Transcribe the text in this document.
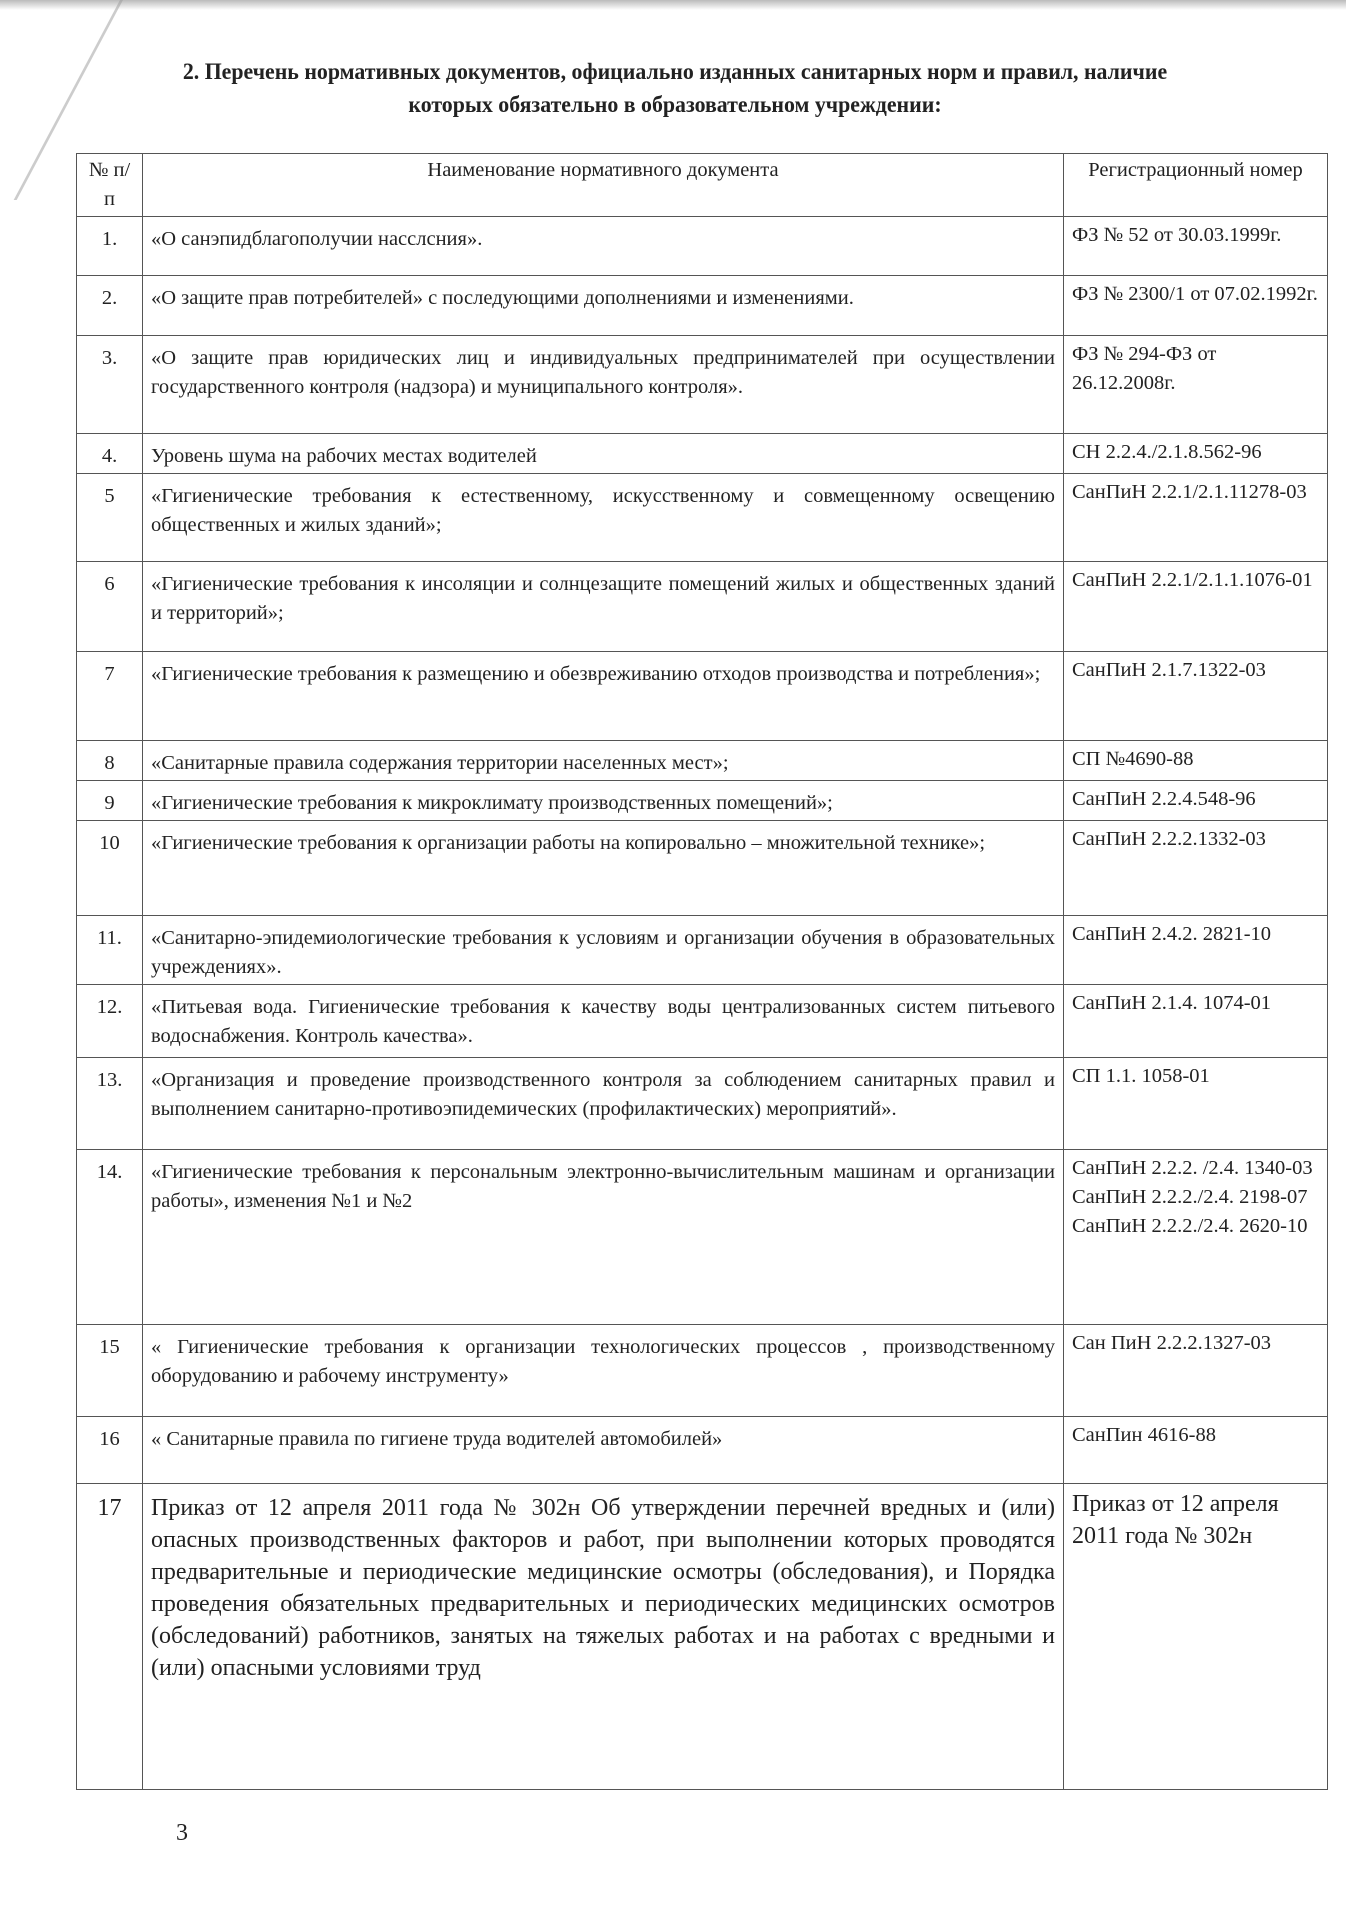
2. Перечень нормативных документов, официально изданных санитарных норм и правил, наличие которых обязательно в образовательном учреждении:
№ п/п	Наименование нормативного документа	Регистрационный номер
1.	«О санэпидблагополучии насслсния».	ФЗ № 52 от 30.03.1999г.
2.	«О защите прав потребителей» с последующими дополнениями и изменениями.	ФЗ № 2300/1 от 07.02.1992г.
3.	«О защите прав юридических лиц и индивидуальных предпринимателей при осуществлении государственного контроля (надзора) и муниципального контроля».	ФЗ № 294-ФЗ от 26.12.2008г.
4.	Уровень шума на рабочих местах водителей	СН 2.2.4./2.1.8.562-96
5	«Гигиенические требования к естественному, искусственному и совмещенному освещению общественных и жилых зданий»;	СанПиН 2.2.1/2.1.11278-03
6	«Гигиенические требования к инсоляции и солнцезащите помещений жилых и общественных зданий и территорий»;	СанПиН 2.2.1/2.1.1.1076-01
7	«Гигиенические требования к размещению и обезвреживанию отходов производства и потребления»;	СанПиН 2.1.7.1322-03
8	«Санитарные правила содержания территории населенных мест»;	СП №4690-88
9	«Гигиенические требования к микроклимату производственных помещений»;	СанПиН 2.2.4.548-96
10	«Гигиенические требования к организации работы на копировально – множительной технике»;	СанПиН 2.2.2.1332-03
11.	«Санитарно-эпидемиологические требования к условиям и организации обучения в образовательных учреждениях».	СанПиН 2.4.2. 2821-10
12.	«Питьевая вода. Гигиенические требования к качеству воды централизованных систем питьевого водоснабжения. Контроль качества».	СанПиН 2.1.4. 1074-01
13.	«Организация и проведение производственного контроля за соблюдением санитарных правил и выполнением санитарно-противоэпидемических (профилактических) мероприятий».	СП 1.1. 1058-01
14.	«Гигиенические требования к персональным электронно-вычислительным машинам и организации работы», изменения №1 и №2	СанПиН 2.2.2. /2.4. 1340-03 СанПиН 2.2.2./2.4. 2198-07 СанПиН 2.2.2./2.4. 2620-10
15	« Гигиенические требования к организации технологических процессов , производственному оборудованию и рабочему инструменту»	Сан ПиН 2.2.2.1327-03
16	« Санитарные правила по гигиене труда водителей автомобилей»	СанПин 4616-88
17	Приказ от 12 апреля 2011 года № 302н Об утверждении перечней вредных и (или) опасных производственных факторов и работ, при выполнении которых проводятся предварительные и периодические медицинские осмотры (обследования), и Порядка проведения обязательных предварительных и периодических медицинских осмотров (обследований) работников, занятых на тяжелых работах и на работах с вредными и (или) опасными условиями труд	Приказ от 12 апреля 2011 года № 302н
3
